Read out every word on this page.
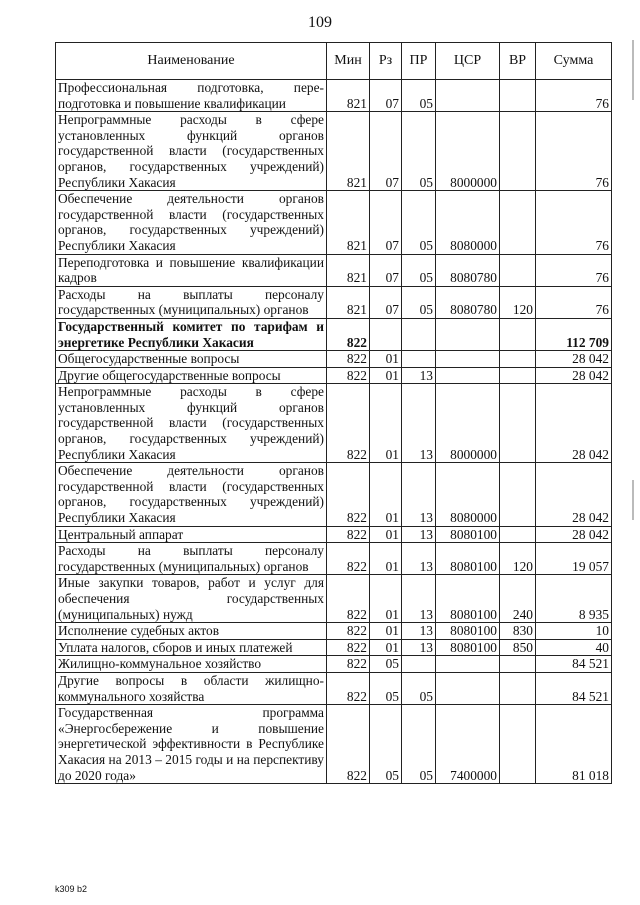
109
Наименование	Мин	Рз	ПР	ЦСР	ВР	Сумма
Профессиональная подготовка, пере-подготовка и повышение квалификации	821	07	05			76
Непрограммные расходы в сфере установленных функций органов государственной власти (государственных органов, государственных учреждений) Республики Хакасия	821	07	05	8000000		76
Обеспечение деятельности органов государственной власти (государственных органов, государственных учреждений) Республики Хакасия	821	07	05	8080000		76
Переподготовка и повышение квалификации кадров	821	07	05	8080780		76
Расходы на выплаты персоналу государственных (муниципальных) органов	821	07	05	8080780	120	76
Государственный комитет по тарифам и энергетике Республики Хакасия	822					112 709
Общегосударственные вопросы	822	01				28 042
Другие общегосударственные вопросы	822	01	13			28 042
Непрограммные расходы в сфере установленных функций органов государственной власти (государственных органов, государственных учреждений) Республики Хакасия	822	01	13	8000000		28 042
Обеспечение деятельности органов государственной власти (государственных органов, государственных учреждений) Республики Хакасия	822	01	13	8080000		28 042
Центральный аппарат	822	01	13	8080100		28 042
Расходы на выплаты персоналу государственных (муниципальных) органов	822	01	13	8080100	120	19 057
Иные закупки товаров, работ и услуг для обеспечения государственных (муниципальных) нужд	822	01	13	8080100	240	8 935
Исполнение судебных актов	822	01	13	8080100	830	10
Уплата налогов, сборов и иных платежей	822	01	13	8080100	850	40
Жилищно-коммунальное хозяйство	822	05				84 521
Другие вопросы в области жилищно-коммунального хозяйства	822	05	05			84 521
Государственная программа «Энергосбережение и повышение энергетической эффективности в Республике Хакасия на 2013 – 2015 годы и на перспективу до 2020 года»	822	05	05	7400000		81 018
k309 b2
